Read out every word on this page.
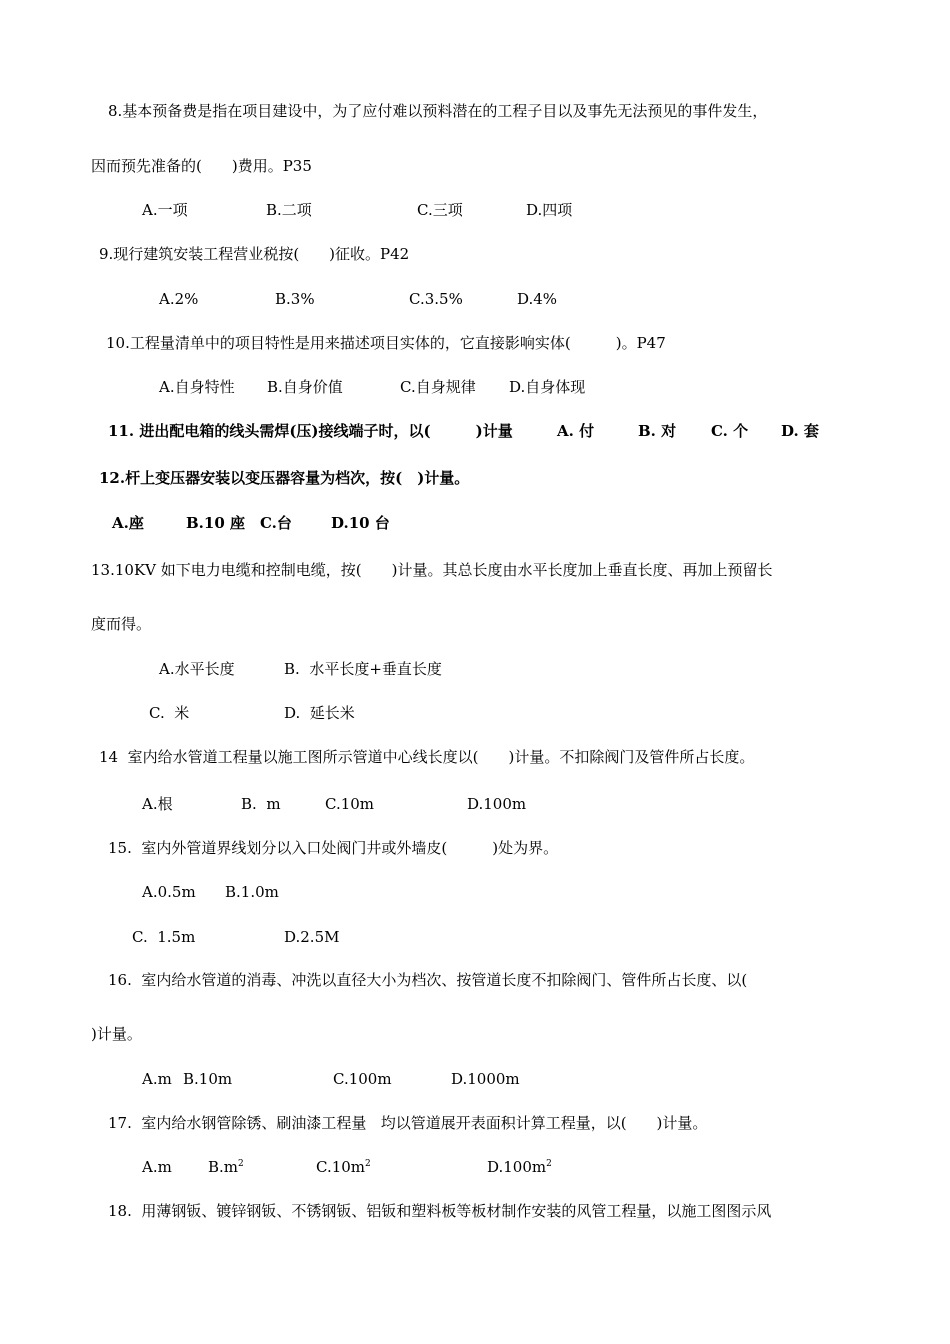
8.基本预备费是指在项目建设中，为了应付难以预料潜在的工程子目以及事先无法预见的事件发生，
因而预先准备的(　　)费用。P35
A.一项	B.二项	C.三项	D.四项
9.现行建筑安装工程营业税按(　　)征收。P42
A.2%	B.3%	C.3.5%	D.4%
10.工程量清单中的项目特性是用来描述项目实体的，它直接影响实体(　　　)。P47
A.自身特性 B.自身价值	C.自身规律 D.自身体现
11. 进出配电箱的线头需焊(压)接线端子时，以(　　　)计量	A. 付	B. 对 C. 个 D. 套
12.杆上变压器安装以变压器容量为档次，按(　)计量。
A.座	B.10 座 C.台	D.10 台
13.10KV 如下电力电缆和控制电缆，按(　　)计量。其总长度由水平长度加上垂直长度、再加上预留长
度而得。
A.水平长度	B.  水平长度+垂直长度
C.  米	D.  延长米
14  室内给水管道工程量以施工图所示管道中心线长度以(　　)计量。不扣除阀门及管件所占长度。
A.根	B.  m	C.10m	D.100m
15.  室内外管道界线划分以入口处阀门井或外墙皮(　　　)处为界。
A.0.5m B.1.0m
C.  1.5m	D.2.5M
16.  室内给水管道的消毒、冲洗以直径大小为档次、按管道长度不扣除阀门、管件所占长度、以(
)计量。
A.m B.10m	C.100m	D.1000m
17.  室内给水钢管除锈、刷油漆工程量   均以管道展开表面积计算工程量，以(　　)计量。
A.m $B.m^2$	$C.10m^2$	$D.100m^2$
18.  用薄钢钣、镀锌钢钣、不锈钢钣、铝钣和塑料板等板材制作安装的风管工程量，以施工图图示风
